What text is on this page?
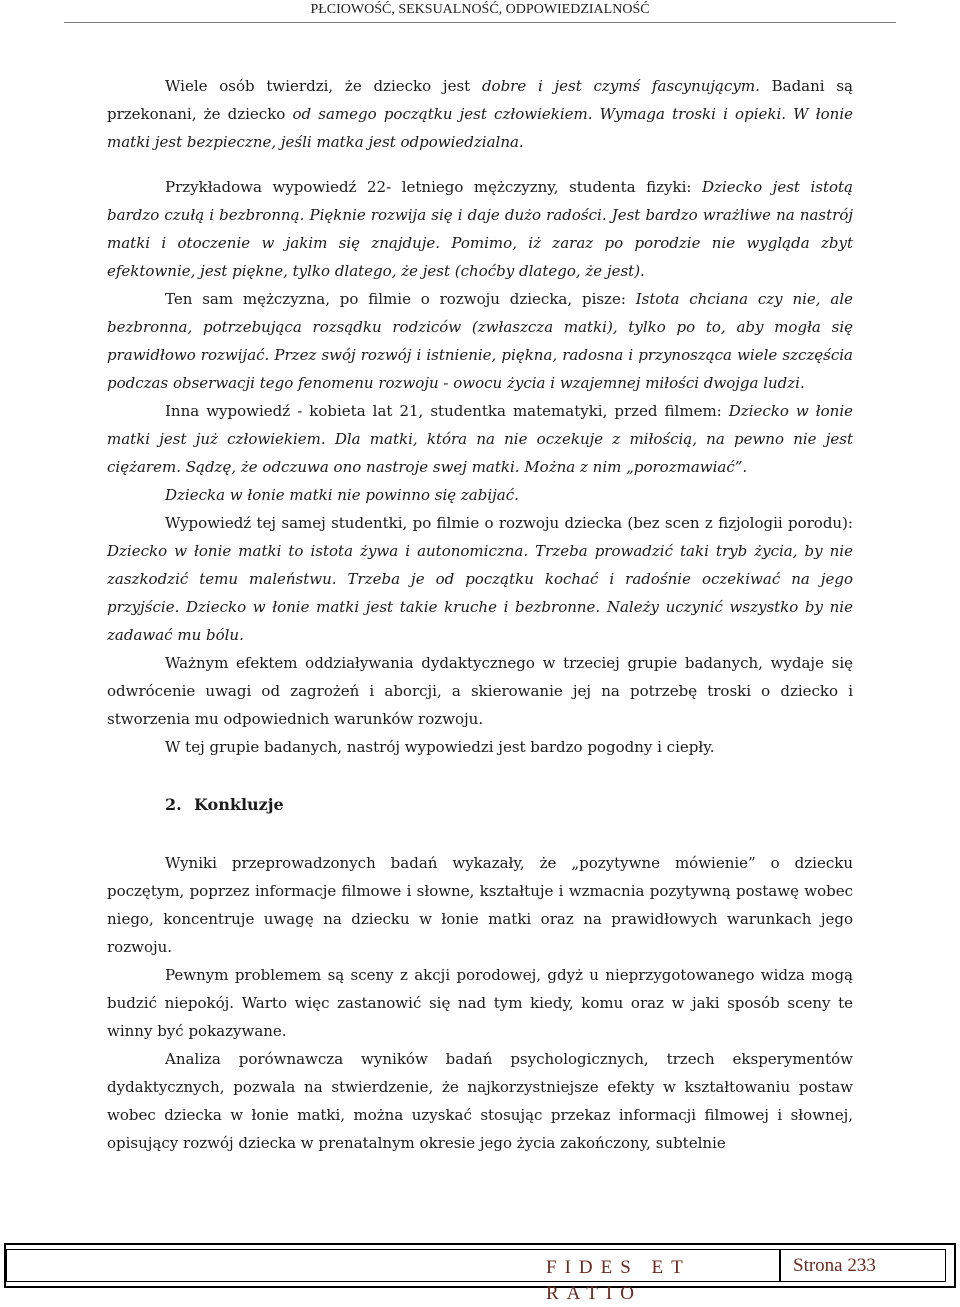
PŁCIOWOŚĆ, SEKSUALNOŚĆ, ODPOWIEDZIALNOŚĆ

Wiele osób twierdzi, że dziecko jest dobre i jest czymś fascynującym. Badani są przekonani, że dziecko od samego początku jest człowiekiem. Wymaga troski i opieki. W łonie matki jest bezpieczne, jeśli matka jest odpowiedzialna.

Przykładowa wypowiedź 22- letniego mężczyzny, studenta fizyki: Dziecko jest istotą bardzo czułą i bezbronną. Pięknie rozwija się i daje dużo radości. Jest bardzo wrażliwe na nastrój matki i otoczenie w jakim się znajduje. Pomimo, iż zaraz po porodzie nie wygląda zbyt efektownie, jest piękne, tylko dlatego, że jest (choćby dlatego, że jest).

Ten sam mężczyzna, po filmie o rozwoju dziecka, pisze: Istota chciana czy nie, ale bezbronna, potrzebująca rozsądku rodziców (zwłaszcza matki), tylko po to, aby mogła się prawidłowo rozwijać. Przez swój rozwój i istnienie, piękna, radosna i przynosząca wiele szczęścia podczas obserwacji tego fenomenu rozwoju - owocu życia i wzajemnej miłości dwojga ludzi.

Inna wypowiedź - kobieta lat 21, studentka matematyki, przed filmem: Dziecko w łonie matki jest już człowiekiem. Dla matki, która na nie oczekuje z miłością, na pewno nie jest ciężarem. Sądzę, że odczuwa ono nastroje swej matki. Można z nim „porozmawiać”.

Dziecka w łonie matki nie powinno się zabijać.

Wypowiedź tej samej studentki, po filmie o rozwoju dziecka (bez scen z fizjologii porodu): Dziecko w łonie matki to istota żywa i autonomiczna. Trzeba prowadzić taki tryb życia, by nie zaszkodzić temu maleństwu. Trzeba je od początku kochać i radośnie oczekiwać na jego przyjście. Dziecko w łonie matki jest takie kruche i bezbronne. Należy uczynić wszystko by nie zadawać mu bólu.

Ważnym efektem oddziaływania dydaktycznego w trzeciej grupie badanych, wydaje się odwrócenie uwagi od zagrożeń i aborcji, a skierowanie jej na potrzebę troski o dziecko i stworzenia mu odpowiednich warunków rozwoju.

W tej grupie badanych, nastrój wypowiedzi jest bardzo pogodny i ciepły.

2. Konkluzje

Wyniki przeprowadzonych badań wykazały, że „pozytywne mówienie” o dziecku poczętym, poprzez informacje filmowe i słowne, kształtuje i wzmacnia pozytywną postawę wobec niego, koncentruje uwagę na dziecku w łonie matki oraz na prawidłowych warunkach jego rozwoju.

Pewnym problemem są sceny z akcji porodowej, gdyż u nieprzygotowanego widza mogą budzić niepokój. Warto więc zastanowić się nad tym kiedy, komu oraz w jaki sposób sceny te winny być pokazywane.

Analiza porównawcza wyników badań psychologicznych, trzech eksperymentów dydaktycznych, pozwala na stwierdzenie, że najkorzystniejsze efekty w kształtowaniu postaw wobec dziecka w łonie matki, można uzyskać stosując przekaz informacji filmowej i słownej, opisujący rozwój dziecka w prenatalnym okresie jego życia zakończony, subtelnie

FIDES ET RATIO
Strona 233
